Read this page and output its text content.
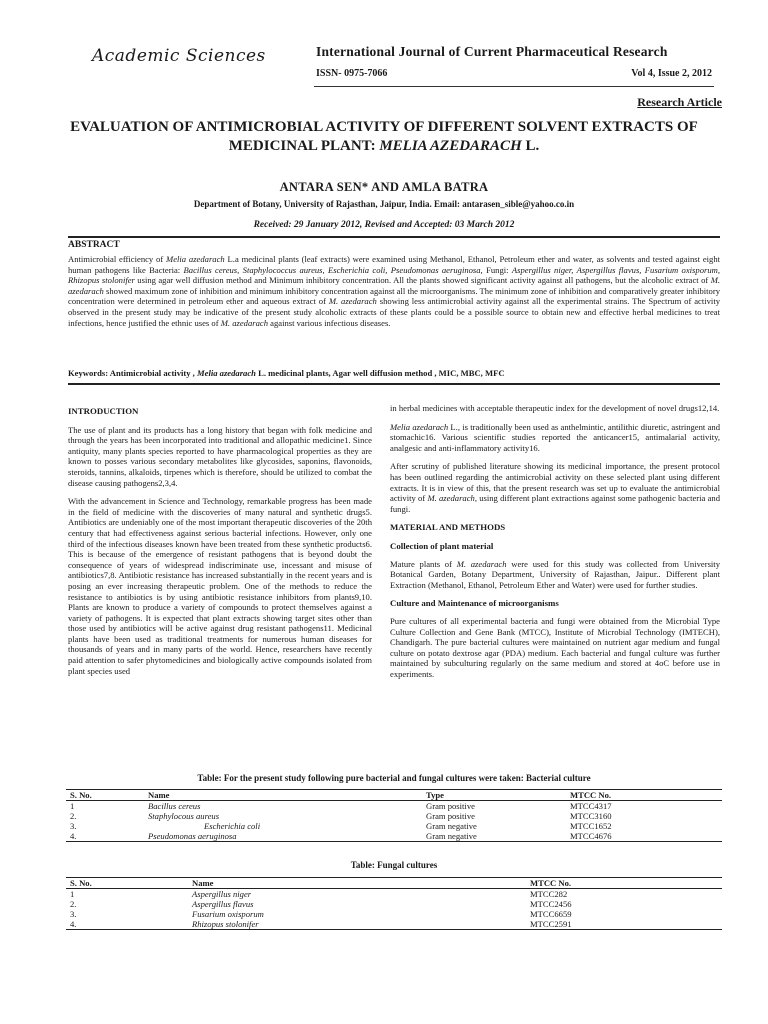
Academic Sciences	International Journal of Current Pharmaceutical Research
ISSN- 0975-7066	Vol 4, Issue 2, 2012
Research Article
EVALUATION OF ANTIMICROBIAL ACTIVITY OF DIFFERENT SOLVENT EXTRACTS OF
MEDICINAL PLANT: MELIA AZEDARACH L.
ANTARA SEN* AND AMLA BATRA
Department of Botany, University of Rajasthan, Jaipur, India. Email: antarasen_sible@yahoo.co.in
Received: 29 January 2012, Revised and Accepted: 03 March 2012
ABSTRACT
Antimicrobial efficiency of Melia azedarach L.a medicinal plants (leaf extracts) were examined using Methanol, Ethanol, Petroleum ether and water, as solvents and tested against eight human pathogens like Bacteria: Bacillus cereus, Staphylococcus aureus, Escherichia coli, Pseudomonas aeruginosa, Fungi: Aspergillus niger, Aspergillus flavus, Fusarium oxisporum, Rhizopus stolonifer using agar well diffusion method and Minimum inhibitory concentration. All the plants showed significant activity against all pathogens, but the alcoholic extract of M. azedarach showed maximum zone of inhibition and minimum inhibitory concentration against all the microorganisms. The minimum zone of inhibition and comparatively greater inhibitory concentration were determined in petroleum ether and aqueous extract of M. azedarach showing less antimicrobial activity against all the experimental strains. The Spectrum of activity observed in the present study may be indicative of the present study alcoholic extracts of these plants could be a possible source to obtain new and effective herbal medicines to treat infections, hence justified the ethnic uses of M. azedarach against various infectious diseases.
Keywords: Antimicrobial activity , Melia azedarach L. medicinal plants, Agar well diffusion method , MIC, MBC, MFC
INTRODUCTION

The use of plant and its products has a long history that began with folk medicine and through the years has been incorporated into traditional and allopathic medicine1. Since antiquity, many plants species reported to have pharmacological properties as they are known to posses various secondary metabolites like glycosides, saponins, flavonoids, steroids, tannins, alkaloids, tirpenes which is therefore, should be utilized to combat the disease causing pathogens2,3,4.

With the advancement in Science and Technology, remarkable progress has been made in the field of medicine with the discoveries of many natural and synthetic drugs5. Antibiotics are undeniably one of the most important therapeutic discoveries of the 20th century that had effectiveness against serious bacterial infections. However, only one third of the infectious diseases known have been treated from these synthetic products6. This is because of the emergence of resistant pathogens that is beyond doubt the consequence of years of widespread indiscriminate use, incessant and misuse of antibiotics7,8. Antibiotic resistance has increased substantially in the recent years and is posing an ever increasing therapeutic problem. One of the methods to reduce the resistance to antibiotics is by using antibiotic resistance inhibitors from plants9,10. Plants are known to produce a variety of compounds to protect themselves against a variety of pathogens. It is expected that plant extracts showing target sites other than those used by antibiotics will be active against drug resistant pathogens11. Medicinal plants have been used as traditional treatments for numerous human diseases for thousands of years and in many parts of the world. Hence, researchers have recently paid attention to safer phytomedicines and biologically active compounds isolated from plant species used

in herbal medicines with acceptable therapeutic index for the development of novel drugs12,14.

Melia azedarach L., is traditionally been used as anthelmintic, antilithic diuretic, astringent and stomachic16. Various scientific studies reported the anticancer15, antimalarial activity, analgesic and anti-inflammatory activity16.

After scrutiny of published literature showing its medicinal importance, the present protocol has been outlined regarding the antimicrobial activity on these selected plant using different extracts. It is in view of this, that the present research was set up to evaluate the antimicrobial activity of M. azedarach, using different plant extractions against some pathogenic bacteria and fungi.

MATERIAL AND METHODS
Collection of plant material

Mature plants of M. azedarach were used for this study was collected from University Botanical Garden, Botany Department, University of Rajasthan, Jaipur.. Different plant Extraction (Methanol, Ethanol, Petroleum Ether and Water) were used for further studies.

Culture and Maintenance of microorganisms

Pure cultures of all experimental bacteria and fungi were obtained from the Microbial Type Culture Collection and Gene Bank (MTCC), Institute of Microbial Technology (IMTECH), Chandigarh. The pure bacterial cultures were maintained on nutrient agar medium and fungal culture on potato dextrose agar (PDA) medium. Each bacterial and fungal culture was further maintained by subculturing regularly on the same medium and stored at 4oC before use in experiments.

Table: For the present study following pure bacterial and fungal cultures were taken: Bacterial culture
S. No.	Name	Type	MTCC No.
1	Bacillus cereus	Gram positive	MTCC4317
2.	Staphylocous aureus	Gram positive	MTCC3160
3.	Escherichia coli	Gram negative	MTCC1652
4.	Pseudomonas aeruginosa	Gram negative	MTCC4676
Table: Fungal cultures
S. No.	Name	MTCC No.
1	Aspergillus niger	MTCC282
2.	Aspergillus flavus	MTCC2456
3.	Fusarium oxisporum	MTCC6659
4.	Rhizopus stolonifer	MTCC2591
